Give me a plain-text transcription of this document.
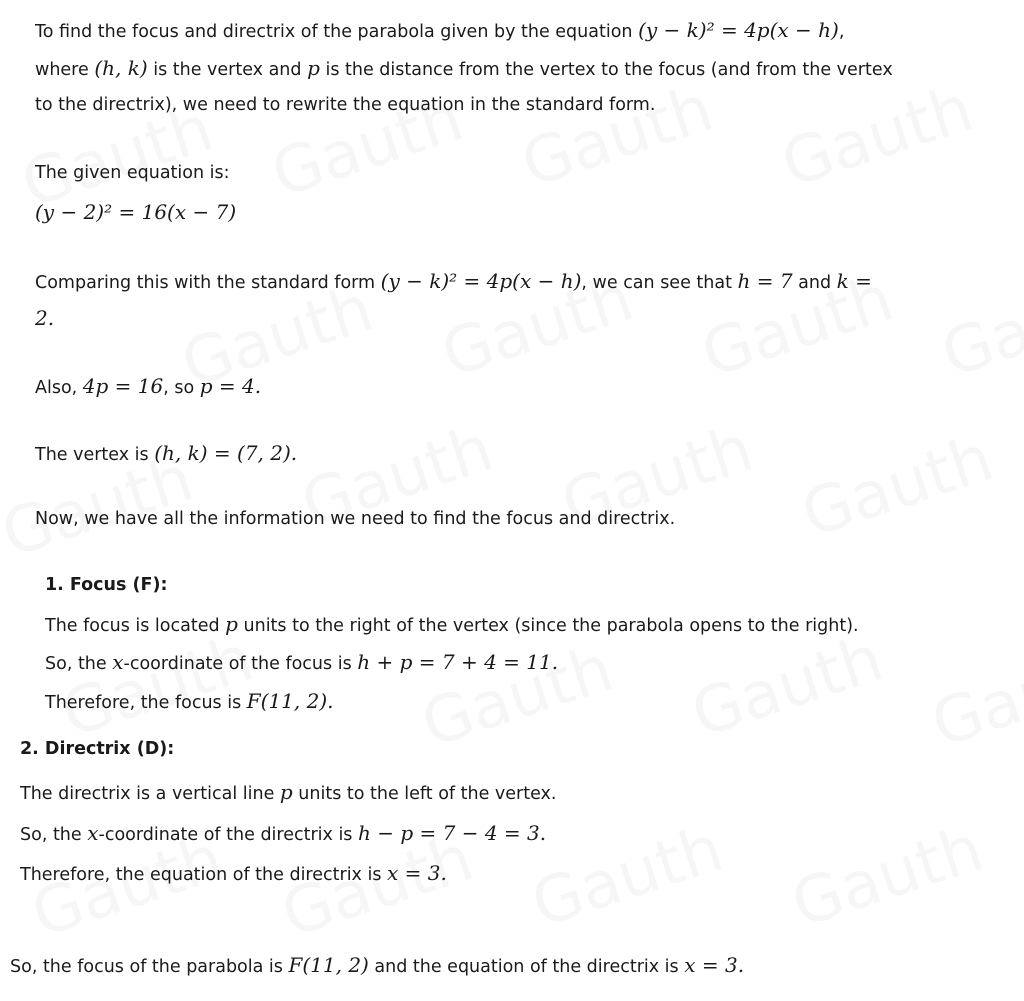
To find the focus and directrix of the parabola given by the equation (y − k)² = 4p(x − h),
where (h, k) is the vertex and p is the distance from the vertex to the focus (and from the vertex
to the directrix), we need to rewrite the equation in the standard form.
The given equation is:
(y − 2)² = 16(x − 7)
Comparing this with the standard form (y − k)² = 4p(x − h), we can see that h = 7 and k =
2.
Also, 4p = 16, so p = 4.
The vertex is (h, k) = (7, 2).
Now, we have all the information we need to find the focus and directrix.
1. Focus (F):
The focus is located p units to the right of the vertex (since the parabola opens to the right).
So, the x-coordinate of the focus is h + p = 7 + 4 = 11.
Therefore, the focus is F(11, 2).
2. Directrix (D):
The directrix is a vertical line p units to the left of the vertex.
So, the x-coordinate of the directrix is h − p = 7 − 4 = 3.
Therefore, the equation of the directrix is x = 3.
So, the focus of the parabola is F(11, 2) and the equation of the directrix is x = 3.
